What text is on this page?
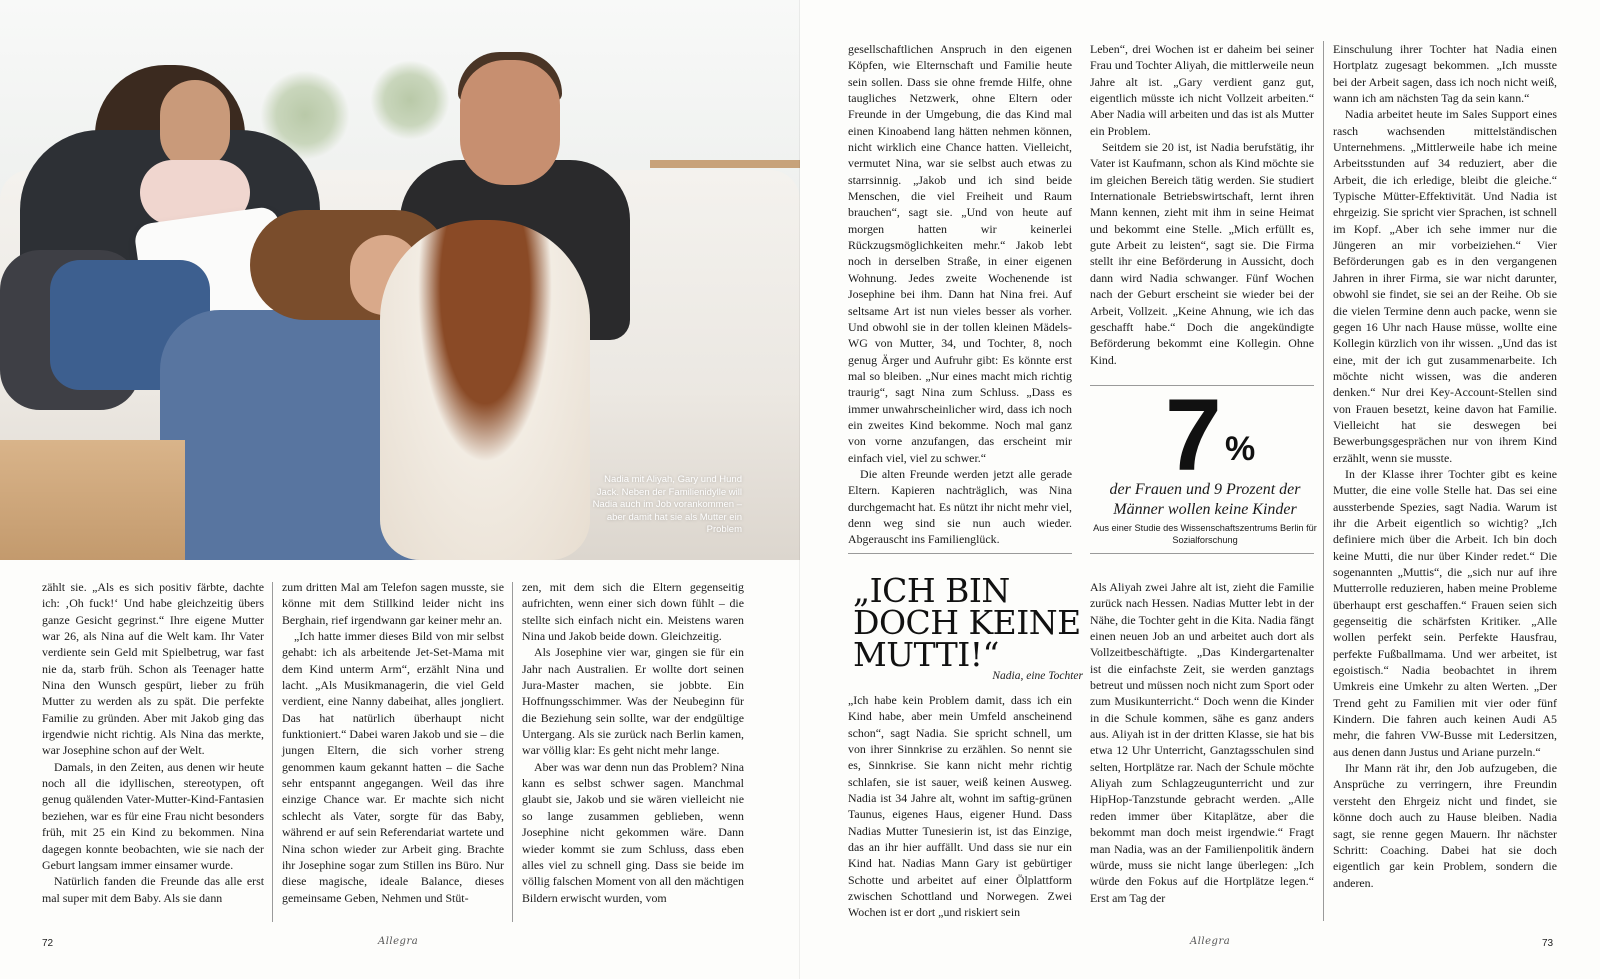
Nadia mit Aliyah, Gary und Hund Jack. Neben der Familienidylle will Nadia auch im Job vorankommen – aber damit hat sie als Mutter ein Problem

zählt sie. „Als es sich positiv färbte, dachte ich: ‚Oh fuck!‘ Und habe gleichzeitig übers ganze Gesicht gegrinst.“ Ihre eigene Mutter war 26, als Nina auf die Welt kam. Ihr Vater verdiente sein Geld mit Spielbetrug, war fast nie da, starb früh. Schon als Teenager hatte Nina den Wunsch gespürt, lieber zu früh Mutter zu werden als zu spät. Die perfekte Familie zu gründen. Aber mit Jakob ging das irgendwie nicht richtig. Als Nina das merkte, war Josephine schon auf der Welt.

Damals, in den Zeiten, aus denen wir heute noch all die idyllischen, stereotypen, oft genug quälenden Vater-Mutter-Kind-Fantasien beziehen, war es für eine Frau nicht besonders früh, mit 25 ein Kind zu bekommen. Nina dagegen konnte beobachten, wie sie nach der Geburt langsam immer einsamer wurde.

Natürlich fanden die Freunde das alle erst mal super mit dem Baby. Als sie dann

zum dritten Mal am Telefon sagen musste, sie könne mit dem Stillkind leider nicht ins Berghain, rief irgendwann gar keiner mehr an.

„Ich hatte immer dieses Bild von mir selbst gehabt: ich als arbeitende Jet-Set-Mama mit dem Kind unterm Arm“, erzählt Nina und lacht. „Als Musikmanagerin, die viel Geld verdient, eine Nanny dabeihat, alles jongliert. Das hat natürlich überhaupt nicht funktioniert.“ Dabei waren Jakob und sie – die jungen Eltern, die sich vorher streng genommen kaum gekannt hatten – die Sache sehr entspannt angegangen. Weil das ihre einzige Chance war. Er machte sich nicht schlecht als Vater, sorgte für das Baby, während er auf sein Referendariat wartete und Nina schon wieder zur Arbeit ging. Brachte ihr Josephine sogar zum Stillen ins Büro. Nur diese magische, ideale Balance, dieses gemeinsame Geben, Nehmen und Stüt-

zen, mit dem sich die Eltern gegenseitig aufrichten, wenn einer sich down fühlt – die stellte sich einfach nicht ein. Meistens waren Nina und Jakob beide down. Gleichzeitig.

Als Josephine vier war, gingen sie für ein Jahr nach Australien. Er wollte dort seinen Jura-Master machen, sie jobbte. Ein Hoffnungsschimmer. Was der Neubeginn für die Beziehung sein sollte, war der endgültige Untergang. Als sie zurück nach Berlin kamen, war völlig klar: Es geht nicht mehr lange.

Aber was war denn nun das Problem? Nina kann es selbst schwer sagen. Manchmal glaubt sie, Jakob und sie wären vielleicht nie so lange zusammen geblieben, wenn Josephine nicht gekommen wäre. Dann wieder kommt sie zum Schluss, dass eben alles viel zu schnell ging. Dass sie beide im völlig falschen Moment von all den mächtigen Bildern erwischt wurden, vom

72	Allegra

gesellschaftlichen Anspruch in den eigenen Köpfen, wie Elternschaft und Familie heute sein sollen. Dass sie ohne fremde Hilfe, ohne taugliches Netzwerk, ohne Eltern oder Freunde in der Umgebung, die das Kind mal einen Kinoabend lang hätten nehmen können, nicht wirklich eine Chance hatten. Vielleicht, vermutet Nina, war sie selbst auch etwas zu starrsinnig. „Jakob und ich sind beide Menschen, die viel Freiheit und Raum brauchen“, sagt sie. „Und von heute auf morgen hatten wir keinerlei Rückzugsmöglichkeiten mehr.“ Jakob lebt noch in derselben Straße, in einer eigenen Wohnung. Jedes zweite Wochenende ist Josephine bei ihm. Dann hat Nina frei. Auf seltsame Art ist nun vieles besser als vorher. Und obwohl sie in der tollen kleinen Mädels-WG von Mutter, 34, und Tochter, 8, noch genug Ärger und Aufruhr gibt: Es könnte erst mal so bleiben. „Nur eines macht mich richtig traurig“, sagt Nina zum Schluss. „Dass es immer unwahrscheinlicher wird, dass ich noch ein zweites Kind bekomme. Noch mal ganz von vorne anzufangen, das erscheint mir einfach viel, viel zu schwer.“

Die alten Freunde werden jetzt alle gerade Eltern. Kapieren nachträglich, was Nina durchgemacht hat. Es nützt ihr nicht mehr viel, denn weg sind sie nun auch wieder. Abgerauscht ins Familienglück.

„ICH BIN DOCH KEINE MUTTI!“
Nadia, eine Tochter

„Ich habe kein Problem damit, dass ich ein Kind habe, aber mein Umfeld anscheinend schon“, sagt Nadia. Sie spricht schnell, um von ihrer Sinnkrise zu erzählen. So nennt sie es, Sinnkrise. Sie kann nicht mehr richtig schlafen, sie ist sauer, weiß keinen Ausweg. Nadia ist 34 Jahre alt, wohnt im saftig-grünen Taunus, eigenes Haus, eigener Hund. Dass Nadias Mutter Tunesierin ist, ist das Einzige, das an ihr hier auffällt. Und dass sie nur ein Kind hat. Nadias Mann Gary ist gebürtiger Schotte und arbeitet auf einer Ölplattform zwischen Schottland und Norwegen. Zwei Wochen ist er dort „und riskiert sein

Leben“, drei Wochen ist er daheim bei seiner Frau und Tochter Aliyah, die mittlerweile neun Jahre alt ist. „Gary verdient ganz gut, eigentlich müsste ich nicht Vollzeit arbeiten.“ Aber Nadia will arbeiten und das ist als Mutter ein Problem.

Seitdem sie 20 ist, ist Nadia berufstätig, ihr Vater ist Kaufmann, schon als Kind möchte sie im gleichen Bereich tätig werden. Sie studiert Internationale Betriebswirtschaft, lernt ihren Mann kennen, zieht mit ihm in seine Heimat und bekommt eine Stelle. „Mich erfüllt es, gute Arbeit zu leisten“, sagt sie. Die Firma stellt ihr eine Beförderung in Aussicht, doch dann wird Nadia schwanger. Fünf Wochen nach der Geburt erscheint sie wieder bei der Arbeit, Vollzeit. „Keine Ahnung, wie ich das geschafft habe.“ Doch die angekündigte Beförderung bekommt eine Kollegin. Ohne Kind.

7 %
der Frauen und 9 Prozent der Männer wollen keine Kinder
Aus einer Studie des Wissenschaftszentrums Berlin für Sozialforschung

Als Aliyah zwei Jahre alt ist, zieht die Familie zurück nach Hessen. Nadias Mutter lebt in der Nähe, die Tochter geht in die Kita. Nadia fängt einen neuen Job an und arbeitet auch dort als Vollzeitbeschäftigte. „Das Kindergartenalter ist die einfachste Zeit, sie werden ganztags betreut und müssen noch nicht zum Sport oder zum Musikunterricht.“ Doch wenn die Kinder in die Schule kommen, sähe es ganz anders aus. Aliyah ist in der dritten Klasse, sie hat bis etwa 12 Uhr Unterricht, Ganztagsschulen sind selten, Hortplätze rar. Nach der Schule möchte Aliyah zum Schlagzeugunterricht und zur HipHop-Tanzstunde gebracht werden. „Alle reden immer über Kitaplätze, aber die bekommt man doch meist irgendwie.“ Fragt man Nadia, was an der Familienpolitik ändern würde, muss sie nicht lange überlegen: „Ich würde den Fokus auf die Hortplätze legen.“ Erst am Tag der

Einschulung ihrer Tochter hat Nadia einen Hortplatz zugesagt bekommen. „Ich musste bei der Arbeit sagen, dass ich noch nicht weiß, wann ich am nächsten Tag da sein kann.“

Nadia arbeitet heute im Sales Support eines rasch wachsenden mittelständischen Unternehmens. „Mittlerweile habe ich meine Arbeitsstunden auf 34 reduziert, aber die Arbeit, die ich erledige, bleibt die gleiche.“ Typische Mütter-Effektivität. Und Nadia ist ehrgeizig. Sie spricht vier Sprachen, ist schnell im Kopf. „Aber ich sehe immer nur die Jüngeren an mir vorbeiziehen.“ Vier Beförderungen gab es in den vergangenen Jahren in ihrer Firma, sie war nicht darunter, obwohl sie findet, sie sei an der Reihe. Ob sie die vielen Termine denn auch packe, wenn sie gegen 16 Uhr nach Hause müsse, wollte eine Kollegin kürzlich von ihr wissen. „Und das ist eine, mit der ich gut zusammenarbeite. Ich möchte nicht wissen, was die anderen denken.“ Nur drei Key-Account-Stellen sind von Frauen besetzt, keine davon hat Familie. Vielleicht hat sie deswegen bei Bewerbungsgesprächen nur von ihrem Kind erzählt, wenn sie musste.

In der Klasse ihrer Tochter gibt es keine Mutter, die eine volle Stelle hat. Das sei eine aussterbende Spezies, sagt Nadia. Warum ist ihr die Arbeit eigentlich so wichtig? „Ich definiere mich über die Arbeit. Ich bin doch keine Mutti, die nur über Kinder redet.“ Die sogenannten „Muttis“, die „sich nur auf ihre Mutterrolle reduzieren, haben meine Probleme überhaupt erst geschaffen.“ Frauen seien sich gegenseitig die schärfsten Kritiker. „Alle wollen perfekt sein. Perfekte Hausfrau, perfekte Fußballmama. Und wer arbeitet, ist egoistisch.“ Nadia beobachtet in ihrem Umkreis eine Umkehr zu alten Werten. „Der Trend geht zu Familien mit vier oder fünf Kindern. Die fahren auch keinen Audi A5 mehr, die fahren VW-Busse mit Ledersitzen, aus denen dann Justus und Ariane purzeln.“

Ihr Mann rät ihr, den Job aufzugeben, die Ansprüche zu verringern, ihre Freundin versteht den Ehrgeiz nicht und findet, sie könne doch auch zu Hause bleiben. Nadia sagt, sie renne gegen Mauern. Ihr nächster Schritt: Coaching. Dabei hat sie doch eigentlich gar kein Problem, sondern die anderen.

Allegra	73
